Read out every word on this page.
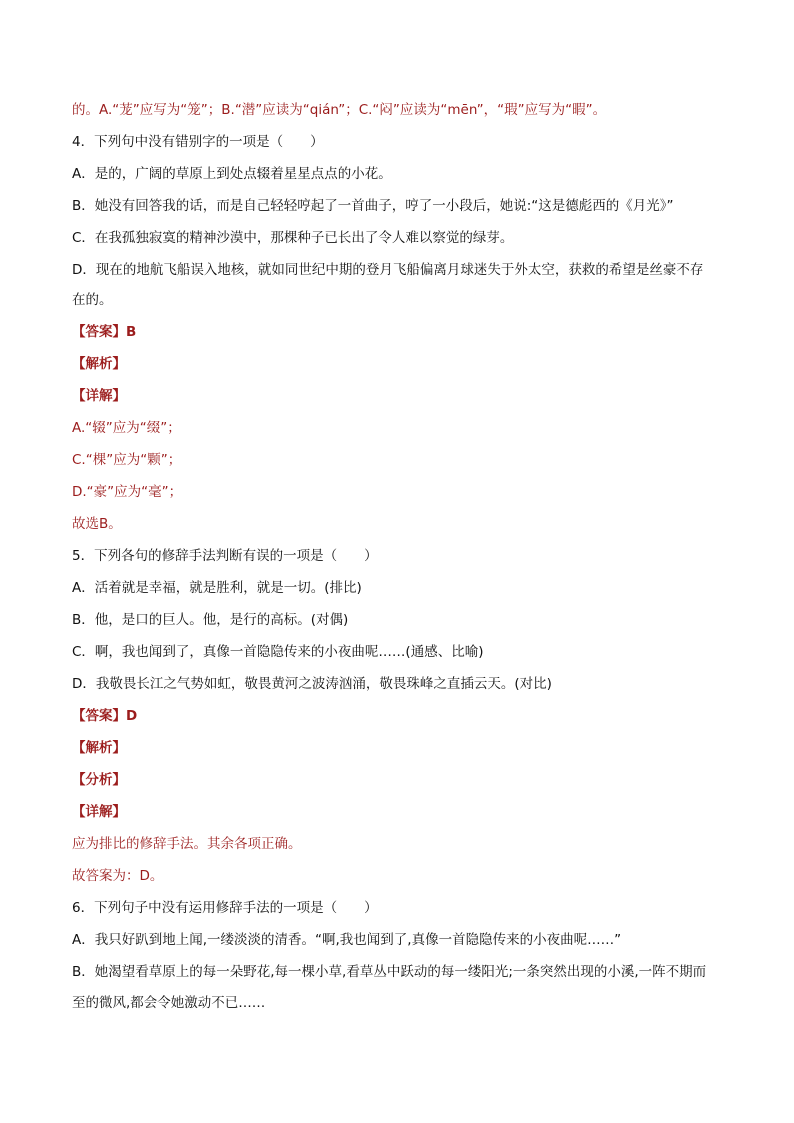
的。A.“茏”应写为“笼”；B.“潜”应读为“qián”；C.“闷”应读为“mēn”，“瑕”应写为“暇”。
4．下列句中没有错别字的一项是（　　）
A．是的，广阔的草原上到处点辍着星星点点的小花。
B．她没有回答我的话，而是自己轻轻哼起了一首曲子，哼了一小段后，她说:“这是德彪西的《月光》”
C．在我孤独寂寞的精神沙漠中，那棵种子已长出了令人难以察觉的绿芽。
D．现在的地航飞船误入地核，就如同世纪中期的登月飞船偏离月球迷失于外太空，获救的希望是丝豪不存
在的。
【答案】B
【解析】
【详解】
A.“辍”应为“缀”；
C.“棵”应为“颗”；
D.“豪”应为“毫”；
故选B。
5．下列各句的修辞手法判断有误的一项是（　　）
A．活着就是幸福，就是胜利，就是一切。(排比)
B．他，是口的巨人。他，是行的高标。(对偶)
C．啊，我也闻到了，真像一首隐隐传来的小夜曲呢……(通感、比喻)
D．我敬畏长江之气势如虹，敬畏黄河之波涛汹涌，敬畏珠峰之直插云天。(对比)
【答案】D
【解析】
【分析】
【详解】
应为排比的修辞手法。其余各项正确。
故答案为：D。
6．下列句子中没有运用修辞手法的一项是（　　）
A．我只好趴到地上闻,一缕淡淡的清香。“啊,我也闻到了,真像一首隐隐传来的小夜曲呢……”
B．她渴望看草原上的每一朵野花,每一棵小草,看草丛中跃动的每一缕阳光;一条突然出现的小溪,一阵不期而
至的微风,都会令她激动不已……
